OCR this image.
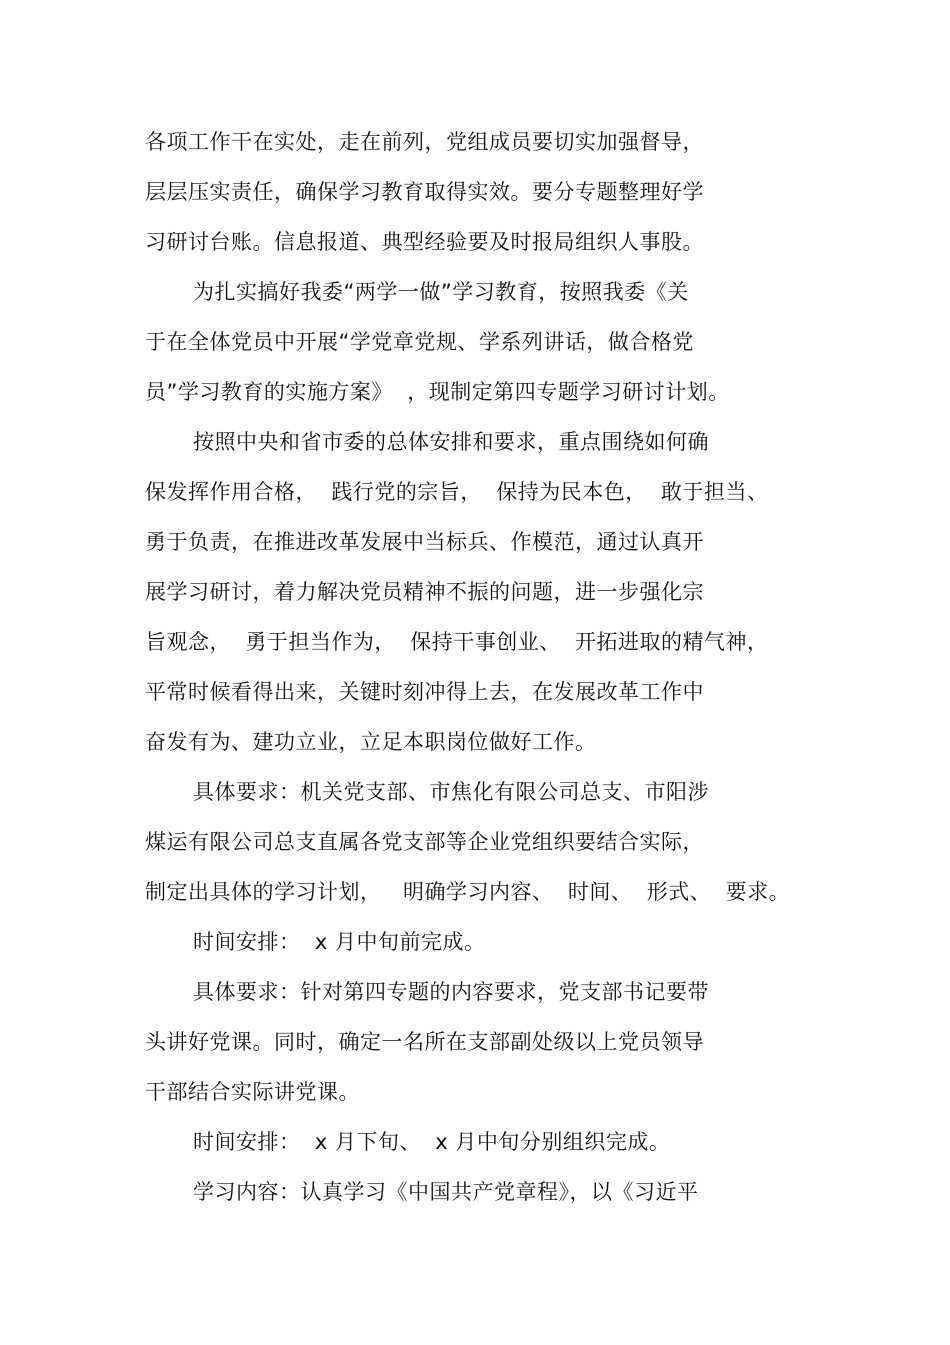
各项工作干在实处，走在前列，党组成员要切实加强督导，
层层压实责任，确保学习教育取得实效。要分专题整理好学
习研讨台账。信息报道、典型经验要及时报局组织人事股。
为扎实搞好我委“两学一做”学习教育，按照我委《关
于在全体党员中开展“学党章党规、学系列讲话，做合格党
员”学习教育的实施方案》  ，现制定第四专题学习研讨计划。
按照中央和省市委的总体安排和要求，重点围绕如何确
保发挥作用合格，  践行党的宗旨，  保持为民本色，  敢于担当、
勇于负责，在推进改革发展中当标兵、作模范，通过认真开
展学习研讨，着力解决党员精神不振的问题，进一步强化宗
旨观念，  勇于担当作为，  保持干事创业、  开拓进取的精气神，
平常时候看得出来，关键时刻冲得上去，在发展改革工作中
奋发有为、建功立业，立足本职岗位做好工作。
具体要求：机关党支部、市焦化有限公司总支、市阳涉
煤运有限公司总支直属各党支部等企业党组织要结合实际，
制定出具体的学习计划，   明确学习内容、  时间、  形式、  要求。
时间安排：  x 月中旬前完成。
具体要求：针对第四专题的内容要求，党支部书记要带
头讲好党课。同时，确定一名所在支部副处级以上党员领导
干部结合实际讲党课。
时间安排：  x 月下旬、  x 月中旬分别组织完成。
学习内容：认真学习《中国共产党章程》，以《习近平
